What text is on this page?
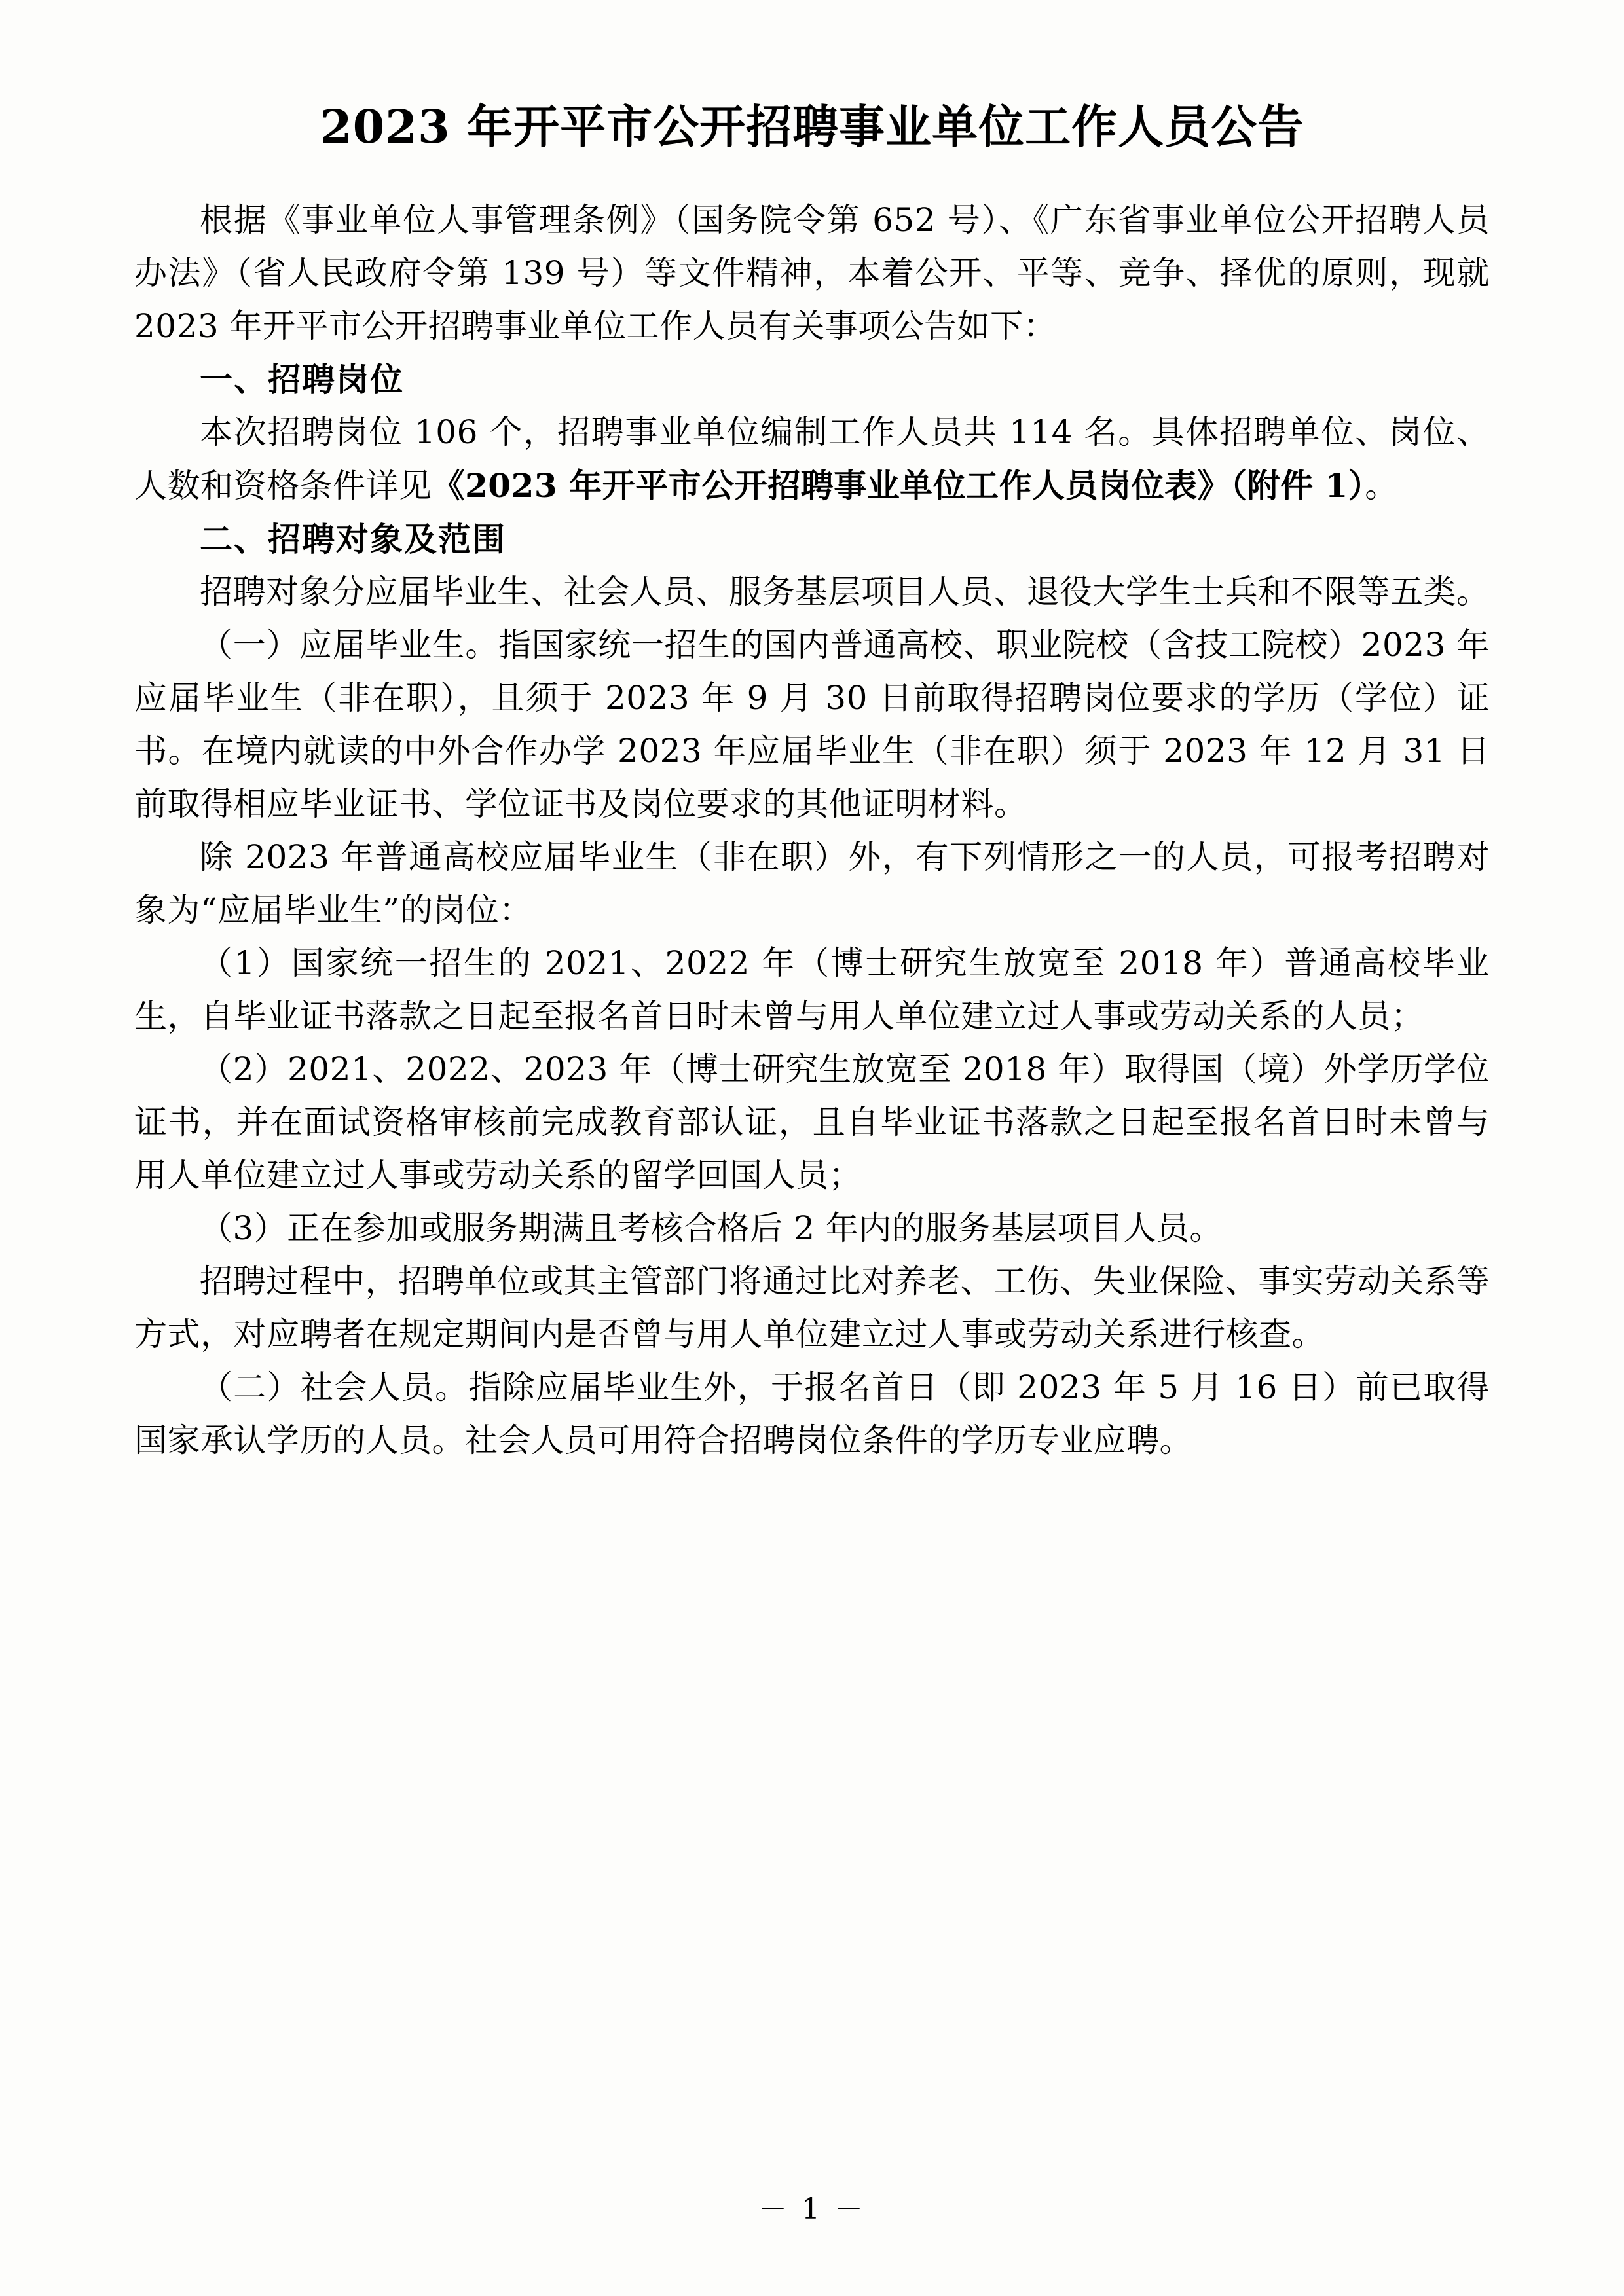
2023 年开平市公开招聘事业单位工作人员公告

根据《事业单位人事管理条例》（国务院令第 652 号）、《广东省事业单位公开招聘人员办法》（省人民政府令第 139 号）等文件精神，本着公开、平等、竞争、择优的原则，现就 2023 年开平市公开招聘事业单位工作人员有关事项公告如下：

一、招聘岗位

本次招聘岗位 106 个，招聘事业单位编制工作人员共 114 名。具体招聘单位、岗位、人数和资格条件详见《2023 年开平市公开招聘事业单位工作人员岗位表》（附件 1）。

二、招聘对象及范围

招聘对象分应届毕业生、社会人员、服务基层项目人员、退役大学生士兵和不限等五类。

（一）应届毕业生。指国家统一招生的国内普通高校、职业院校（含技工院校）2023 年应届毕业生（非在职），且须于 2023 年 9 月 30 日前取得招聘岗位要求的学历（学位）证书。在境内就读的中外合作办学 2023 年应届毕业生（非在职）须于 2023 年 12 月 31 日前取得相应毕业证书、学位证书及岗位要求的其他证明材料。

除 2023 年普通高校应届毕业生（非在职）外，有下列情形之一的人员，可报考招聘对象为“应届毕业生”的岗位：

（1）国家统一招生的 2021、2022 年（博士研究生放宽至 2018 年）普通高校毕业生，自毕业证书落款之日起至报名首日时未曾与用人单位建立过人事或劳动关系的人员；

（2）2021、2022、2023 年（博士研究生放宽至 2018 年）取得国（境）外学历学位证书，并在面试资格审核前完成教育部认证，且自毕业证书落款之日起至报名首日时未曾与用人单位建立过人事或劳动关系的留学回国人员；

（3）正在参加或服务期满且考核合格后 2 年内的服务基层项目人员。

招聘过程中，招聘单位或其主管部门将通过比对养老、工伤、失业保险、事实劳动关系等方式，对应聘者在规定期间内是否曾与用人单位建立过人事或劳动关系进行核查。

（二）社会人员。指除应届毕业生外，于报名首日（即 2023 年 5 月 16 日）前已取得国家承认学历的人员。社会人员可用符合招聘岗位条件的学历专业应聘。

－ 1 －
